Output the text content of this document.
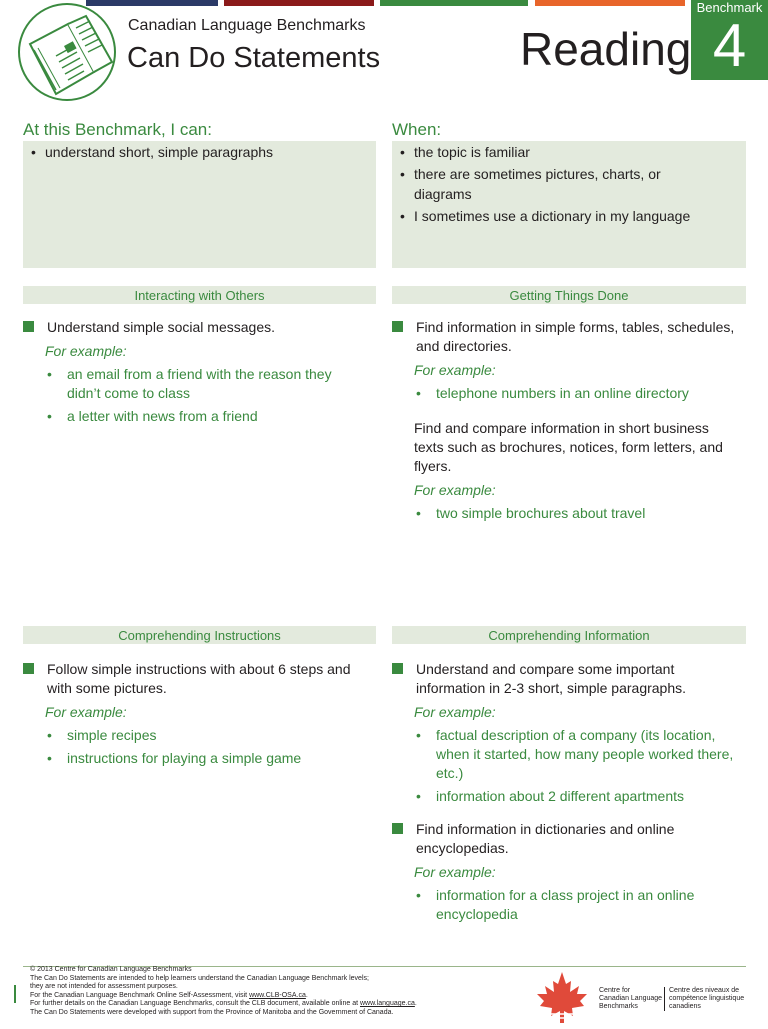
Canadian Language Benchmarks
Can Do Statements	Reading
Benchmark
4
At this Benchmark, I can:
• understand short, simple paragraphs
When:
• the topic is familiar
• there are sometimes pictures, charts, or diagrams
• I sometimes use a dictionary in my language
Interacting with Others	Getting Things Done
Comprehending Instructions	Comprehending Information
Understand simple social messages.
For example:
• an email from a friend with the reason they didn’t come to class
• a letter with news from a friend
Find information in simple forms, tables, schedules, and directories.
For example:
• telephone numbers in an online directory
Find and compare information in short business texts such as brochures, notices, form letters, and flyers.
For example:
• two simple brochures about travel
Follow simple instructions with about 6 steps and with some pictures.
For example:
• simple recipes
• instructions for playing a simple game
Understand and compare some important information in 2-3 short, simple paragraphs.
For example:
• factual description of a company (its location, when it started, how many people worked there, etc.)
• information about 2 different apartments
Find information in dictionaries and online encyclopedias.
For example:
• information for a class project in an online encyclopedia
© 2013 Centre for Canadian Language Benchmarks
The Can Do Statements are intended to help learners understand the Canadian Language Benchmark levels;
they are not intended for assessment purposes.
For the Canadian Language Benchmark Online Self-Assessment, visit www.CLB-OSA.ca.
For further details on the Canadian Language Benchmarks, consult the CLB document, available online at www.language.ca.
The Can Do Statements were developed with support from the Province of Manitoba and the Government of Canada.
Centre for
Canadian Language
Benchmarks
Centre des niveaux de
compétence linguistique
canadiens
